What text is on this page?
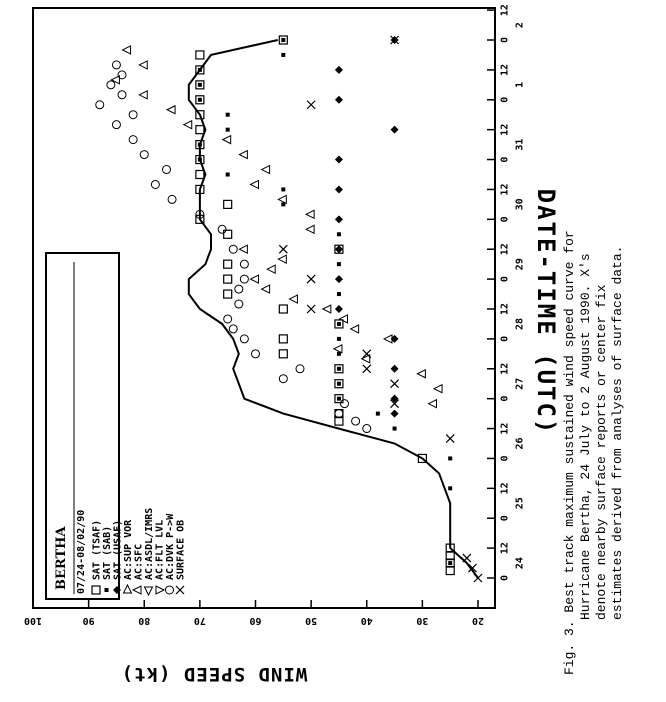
20
30
40
50
60
70
80
90
100
0
12
0
12
0
12
0
12
0
12
0
12
0
12
0
12
0
12
0
12
24
25
26
27
28
29
30
31
1
2
WIND SPEED (kt)
DATE-TIME (UTC)
BERTHA 07/24-08/02/90 SAT (TSAF) SAT (SAB) SAT (USAF) AC:SUP VOR AC:SFC AC:ASDL/IMRS AC:FLT LVL AC:DVK P->W SURFACE OB	Fig. 3. Best track maximum sustained wind speed curve for Hurricane Bertha, 24 July to 2 August 1990. X's denote nearby surface reports or center fix estimates derived from analyses of surface data.
